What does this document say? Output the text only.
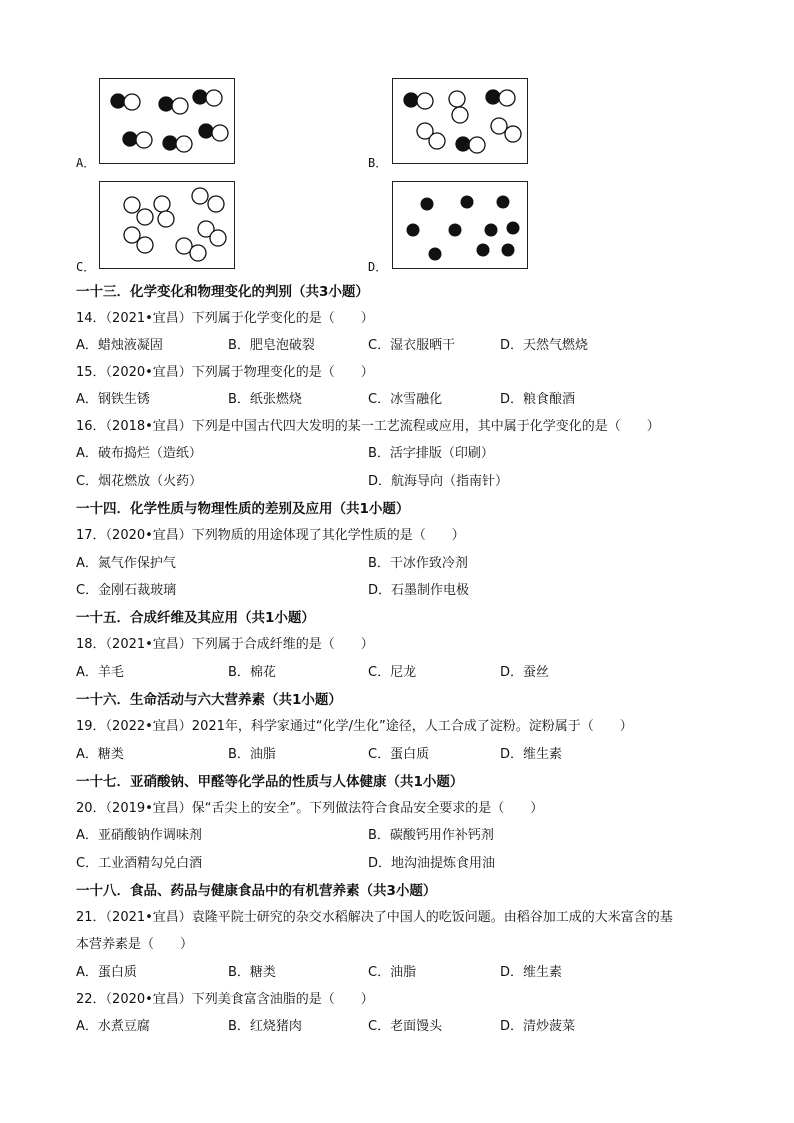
A．	B．
C．	D．
一十三．化学变化和物理变化的判别（共3小题）
14．（2021•宜昌）下列属于化学变化的是（　　）
A．蜡烛液凝固	B．肥皂泡破裂	C．湿衣服晒干	D．天然气燃烧
15．（2020•宜昌）下列属于物理变化的是（　　）
A．钢铁生锈	B．纸张燃烧	C．冰雪融化	D．粮食酿酒
16．（2018•宜昌）下列是中国古代四大发明的某一工艺流程或应用，其中属于化学变化的是（　　）
A．破布捣烂（造纸）	B．活字排版（印刷）
C．烟花燃放（火药）	D．航海导向（指南针）
一十四．化学性质与物理性质的差别及应用（共1小题）
17．（2020•宜昌）下列物质的用途体现了其化学性质的是（　　）
A．氮气作保护气	B．干冰作致冷剂
C．金刚石裁玻璃	D．石墨制作电极
一十五．合成纤维及其应用（共1小题）
18．（2021•宜昌）下列属于合成纤维的是（　　）
A．羊毛	B．棉花	C．尼龙	D．蚕丝
一十六．生命活动与六大营养素（共1小题）
19．（2022•宜昌）2021年，科学家通过“化学/生化”途径，人工合成了淀粉。淀粉属于（　　）
A．糖类	B．油脂	C．蛋白质	D．维生素
一十七．亚硝酸钠、甲醛等化学品的性质与人体健康（共1小题）
20．（2019•宜昌）保“舌尖上的安全”。下列做法符合食品安全要求的是（　　）
A．亚硝酸钠作调味剂	B．碳酸钙用作补钙剂
C．工业酒精勾兑白酒	D．地沟油提炼食用油
一十八．食品、药品与健康食品中的有机营养素（共3小题）
21．（2021•宜昌）袁隆平院士研究的杂交水稻解决了中国人的吃饭问题。由稻谷加工成的大米富含的基
本营养素是（　　）
A．蛋白质	B．糖类	C．油脂	D．维生素
22．（2020•宜昌）下列美食富含油脂的是（　　）
A．水煮豆腐	B．红烧猪肉	C．老面馒头	D．清炒菠菜
